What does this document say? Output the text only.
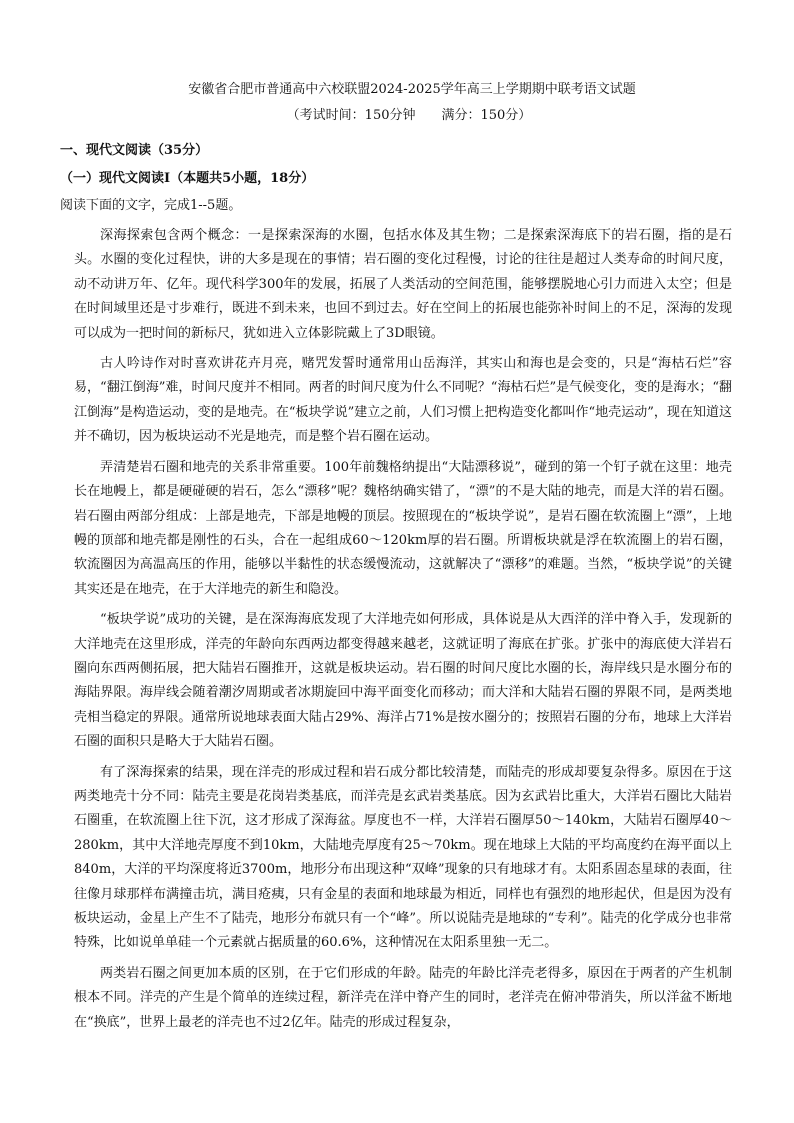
安徽省合肥市普通高中六校联盟2024-2025学年高三上学期期中联考语文试题

（考试时间：150分钟　　满分：150分）

一、现代文阅读（35分）

（一）现代文阅读Ⅰ（本题共5小题，18分）

阅读下面的文字，完成1--5题。

深海探索包含两个概念：一是探索深海的水圈，包括水体及其生物；二是探索深海底下的岩石圈，指的是石头。水圈的变化过程快，讲的大多是现在的事情；岩石圈的变化过程慢，讨论的往往是超过人类寿命的时间尺度，动不动讲万年、亿年。现代科学300年的发展，拓展了人类活动的空间范围，能够摆脱地心引力而进入太空；但是在时间域里还是寸步难行，既进不到未来，也回不到过去。好在空间上的拓展也能弥补时间上的不足，深海的发现可以成为一把时间的新标尺，犹如进入立体影院戴上了3D眼镜。

古人吟诗作对时喜欢讲花卉月亮，赌咒发誓时通常用山岳海洋，其实山和海也是会变的，只是“海枯石烂”容易，“翻江倒海”难，时间尺度并不相同。两者的时间尺度为什么不同呢？“海枯石烂”是气候变化，变的是海水；“翻江倒海”是构造运动，变的是地壳。在“板块学说”建立之前，人们习惯上把构造变化都叫作“地壳运动”，现在知道这并不确切，因为板块运动不光是地壳，而是整个岩石圈在运动。

弄清楚岩石圈和地壳的关系非常重要。100年前魏格纳提出“大陆漂移说”，碰到的第一个钉子就在这里：地壳长在地幔上，都是硬碰硬的岩石，怎么“漂移”呢？魏格纳确实错了，“漂”的不是大陆的地壳，而是大洋的岩石圈。岩石圈由两部分组成：上部是地壳，下部是地幔的顶层。按照现在的“板块学说”，是岩石圈在软流圈上“漂”，上地幔的顶部和地壳都是刚性的石头，合在一起组成60～120km厚的岩石圈。所谓板块就是浮在软流圈上的岩石圈，软流圈因为高温高压的作用，能够以半黏性的状态缓慢流动，这就解决了“漂移”的难题。当然，“板块学说”的关键其实还是在地壳，在于大洋地壳的新生和隐没。

“板块学说”成功的关键，是在深海海底发现了大洋地壳如何形成，具体说是从大西洋的洋中脊入手，发现新的大洋地壳在这里形成，洋壳的年龄向东西两边都变得越来越老，这就证明了海底在扩张。扩张中的海底使大洋岩石圈向东西两侧拓展，把大陆岩石圈推开，这就是板块运动。岩石圈的时间尺度比水圈的长，海岸线只是水圈分布的海陆界限。海岸线会随着潮汐周期或者冰期旋回中海平面变化而移动；而大洋和大陆岩石圈的界限不同，是两类地壳相当稳定的界限。通常所说地球表面大陆占29%、海洋占71%是按水圈分的；按照岩石圈的分布，地球上大洋岩石圈的面积只是略大于大陆岩石圈。

有了深海探索的结果，现在洋壳的形成过程和岩石成分都比较清楚，而陆壳的形成却要复杂得多。原因在于这两类地壳十分不同：陆壳主要是花岗岩类基底，而洋壳是玄武岩类基底。因为玄武岩比重大，大洋岩石圈比大陆岩石圈重，在软流圈上往下沉，这才形成了深海盆。厚度也不一样，大洋岩石圈厚50～140km，大陆岩石圈厚40～280km，其中大洋地壳厚度不到10km，大陆地壳厚度有25～70km。现在地球上大陆的平均高度约在海平面以上840m，大洋的平均深度将近3700m，地形分布出现这种“双峰”现象的只有地球才有。太阳系固态星球的表面，往往像月球那样布满撞击坑，满目疮痍，只有金星的表面和地球最为相近，同样也有强烈的地形起伏，但是因为没有板块运动，金星上产生不了陆壳，地形分布就只有一个“峰”。所以说陆壳是地球的“专利”。陆壳的化学成分也非常特殊，比如说单单硅一个元素就占据质量的60.6%，这种情况在太阳系里独一无二。

两类岩石圈之间更加本质的区别，在于它们形成的年龄。陆壳的年龄比洋壳老得多，原因在于两者的产生机制根本不同。洋壳的产生是个简单的连续过程，新洋壳在洋中脊产生的同时，老洋壳在俯冲带消失，所以洋盆不断地在“换底”，世界上最老的洋壳也不过2亿年。陆壳的形成过程复杂，
